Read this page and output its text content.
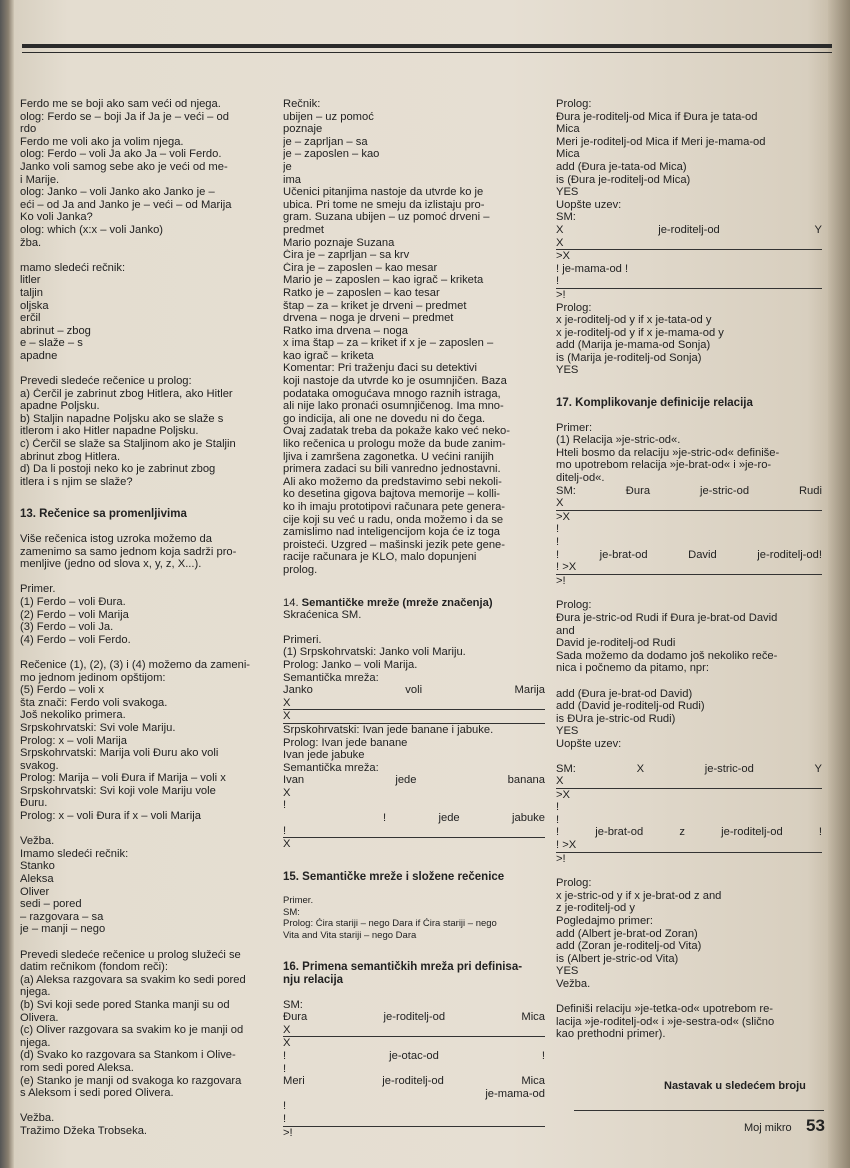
Ferdo me se boji ako sam veći od njega.

olog: Ferdo se – boji Ja if Ja je – veći – od

rdo

Ferdo me voli ako ja volim njega.

olog: Ferdo – voli Ja ako Ja – voli Ferdo.

Janko voli samog sebe ako je veći od me-

i Marije.

olog: Janko – voli Janko ako Janko je –

eći – od Ja and Janko je – veći – od Marija

Ko voli Janka?

olog: which (x:x – voli Janko)

žba.

mamo sledeći rečnik:

litler

taljin

oljska

erčil

abrinut – zbog

e – slaže – s

apadne

Prevedi sledeće rečenice u prolog:

a) Čerčil je zabrinut zbog Hitlera, ako Hitler

apadne Poljsku.

b) Staljin napadne Poljsku ako se slaže s

itlerom i ako Hitler napadne Poljsku.

c) Čerčil se slaže sa Staljinom ako je Staljin

abrinut zbog Hitlera.

d) Da li postoji neko ko je zabrinut zbog

itlera i s njim se slaže?

13. Rečenice sa promenljivima

Više rečenica istog uzroka možemo da

zamenimo sa samo jednom koja sadrži pro-

menljive (jedno od slova x, y, z, X...).

Primer.

(1) Ferdo – voli Đura.

(2) Ferdo – voli Marija

(3) Ferdo – voli Ja.

(4) Ferdo – voli Ferdo.

Rečenice (1), (2), (3) i (4) možemo da zameni-

mo jednom jedinom opštijom:

(5) Ferdo – voli x

šta znači: Ferdo voli svakoga.

Još nekoliko primera.

Srpskohrvatski: Svi vole Mariju.

Prolog: x – voli Marija

Srpskohrvatski: Marija voli Đuru ako voli

svakog.

Prolog: Marija – voli Đura if Marija – voli x

Srpskohrvatski: Svi koji vole Mariju vole

Đuru.

Prolog: x – voli Đura if x – voli Marija

Vežba.

Imamo sledeći rečnik:

Stanko

Aleksa

Oliver

sedi – pored

– razgovara – sa

je – manji – nego

Prevedi sledeće rečenice u prolog služeći se

datim rečnikom (fondom reči):

(a) Aleksa razgovara sa svakim ko sedi pored

njega.

(b) Svi koji sede pored Stanka manji su od

Olivera.

(c) Oliver razgovara sa svakim ko je manji od

njega.

(d) Svako ko razgovara sa Stankom i Olive-

rom sedi pored Aleksa.

(e) Stanko je manji od svakoga ko razgovara

s Aleksom i sedi pored Olivera.

Vežba.

Tražimo Džeka Trobseka.

Rečnik:

ubijen – uz pomoć

poznaje

je – zaprljan – sa

je – zaposlen – kao

je

ima

Učenici pitanjima nastoje da utvrde ko je

ubica. Pri tome ne smeju da izlistaju pro-

gram. Suzana ubijen – uz pomoć drveni –

predmet

Mario poznaje Suzana

Ćira je – zaprljan – sa krv

Ćira je – zaposlen – kao mesar

Mario je – zaposlen – kao igrač – kriketa

Ratko je – zaposlen – kao tesar

štap – za – kriket je drveni – predmet

drvena – noga je drveni – predmet

Ratko ima drvena – noga

x ima štap – za – kriket if x je – zaposlen –

kao igrač – kriketa

Komentar: Pri traženju đaci su detektivi

koji nastoje da utvrde ko je osumnjičen. Baza

podataka omogućava mnogo raznih istraga,

ali nije lako pronaći osumnjičenog. Ima mno-

go indicija, ali one ne dovedu ni do čega.

Ovaj zadatak treba da pokaže kako već neko-

liko rečenica u prologu može da bude zanim-

ljiva i zamršena zagonetka. U većini ranijih

primera zadaci su bili vanredno jednostavni.

Ali ako možemo da predstavimo sebi nekoli-

ko desetina gigova bajtova memorije – kolli-

ko ih imaju prototipovi računara pete genera-

cije koji su već u radu, onda možemo i da se

zamislimo nad inteligencijom koja će iz toga

proisteći. Uzgred – mašinski jezik pete gene-

racije računara je KLO, malo dopunjeni

prolog.

14. Semantičke mreže (mreže značenja)

Skraćenica SM.

Primeri.

(1) Srpskohrvatski: Janko voli Mariju.

Prolog: Janko – voli Marija.

Semantička mreža:

Janko	voli	Marija

X

X

Srpskohrvatski: Ivan jede banane i jabuke.

Prolog: Ivan jede banane

Ivan jede jabuke

Semantička mreža:

Ivan	jede	banana

X

!

!	jede	jabuke

!

X

15. Semantičke mreže i složene rečenice

Primer.

SM:

Prolog: Ćira stariji – nego Dara if Ćira stariji – nego

Vita and Vita stariji – nego Dara

16. Primena semantičkih mreža pri definisa-

nju relacija

SM:

Đura	je-roditelj-od	Mica

X

X

!	je-otac-od	!

!

Meri	je-roditelj-od	Mica

je-mama-od

!

!

>!

Prolog:

Đura je-roditelj-od Mica if Đura je tata-od

Mica

Meri je-roditelj-od Mica if Meri je-mama-od

Mica

add (Đura je-tata-od Mica)

is (Đura je-roditelj-od Mica)

YES

Uopšte uzev:

SM:

X	je-roditelj-od	Y

X

>X

! je-mama-od !

!

>!

Prolog:

x je-roditelj-od y if x je-tata-od y

x je-roditelj-od y if x je-mama-od y

add (Marija je-mama-od Sonja)

is (Marija je-roditelj-od Sonja)

YES

17. Komplikovanje definicije relacija

Primer:

(1) Relacija »je-stric-od«.

Hteli bosmo da relaciju »je-stric-od« definiše-

mo upotrebom relacija »je-brat-od« i »je-ro-

ditelj-od«.

SM:	Đura	je-stric-od	Rudi

X

>X

!

!

!	je-brat-od	David	je-roditelj-od!

! >X

>!

Prolog:

Đura je-stric-od Rudi if Đura je-brat-od David

and

David je-roditelj-od Rudi

Sada možemo da dodamo još nekoliko reče-

nica i počnemo da pitamo, npr:

add (Đura je-brat-od David)

add (David je-roditelj-od Rudi)

is ĐUra je-stric-od Rudi)

YES

Uopšte uzev:

SM:	X	je-stric-od	Y

X

>X

!

!

!	je-brat-od	z	je-roditelj-od	!

! >X

>!

Prolog:

x je-stric-od y if x je-brat-od z and

z je-roditelj-od y

Pogledajmo primer:

add (Albert je-brat-od Zoran)

add (Zoran je-roditelj-od Vita)

is (Albert je-stric-od Vita)

YES

Vežba.

Definiši relaciju »je-tetka-od« upotrebom re-

lacija »je-roditelj-od« i »je-sestra-od« (slično

kao prethodni primer).

Nastavak u sledećem broju
Moj mikro 53
